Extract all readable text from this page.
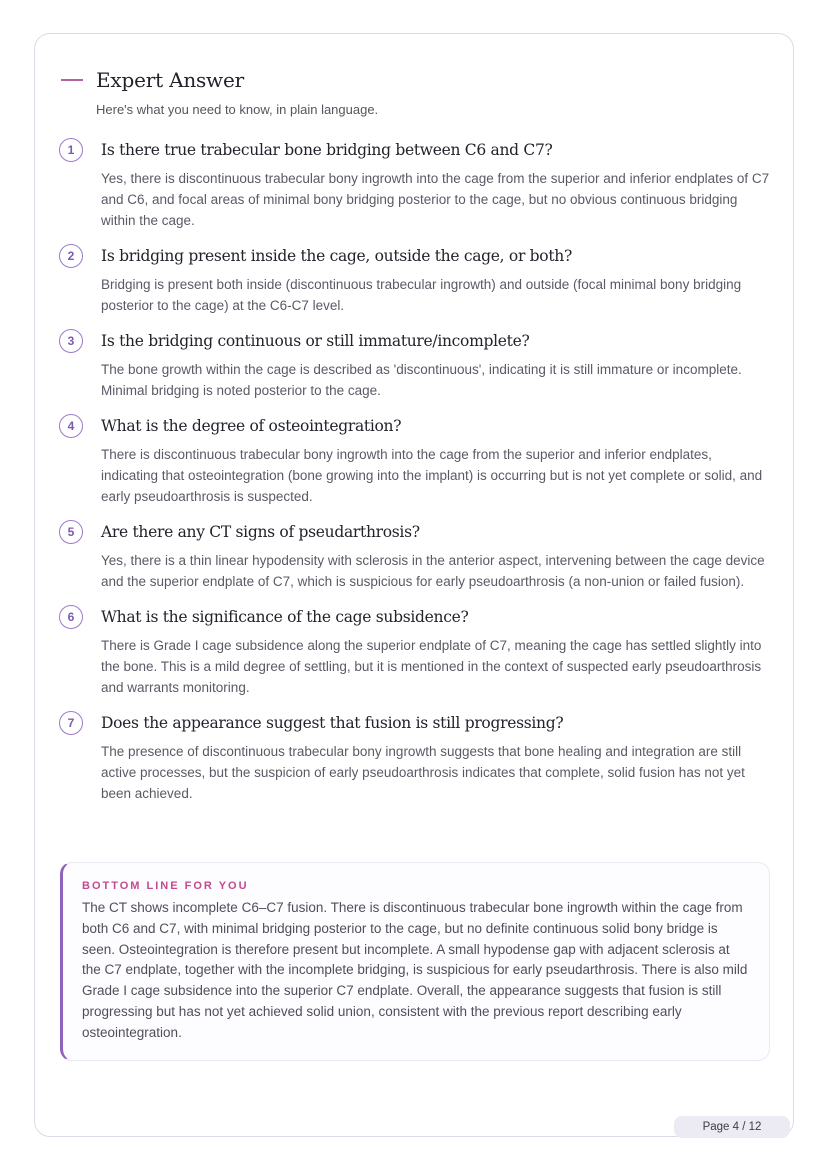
Expert Answer
Here's what you need to know, in plain language.
1	Is there true trabecular bone bridging between C6 and C7?
Yes, there is discontinuous trabecular bony ingrowth into the cage from the superior and inferior endplates of C7 and C6, and focal areas of minimal bony bridging posterior to the cage, but no obvious continuous bridging within the cage.
2	Is bridging present inside the cage, outside the cage, or both?
Bridging is present both inside (discontinuous trabecular ingrowth) and outside (focal minimal bony bridging posterior to the cage) at the C6-C7 level.
3	Is the bridging continuous or still immature/incomplete?
The bone growth within the cage is described as 'discontinuous', indicating it is still immature or incomplete. Minimal bridging is noted posterior to the cage.
4	What is the degree of osteointegration?
There is discontinuous trabecular bony ingrowth into the cage from the superior and inferior endplates, indicating that osteointegration (bone growing into the implant) is occurring but is not yet complete or solid, and early pseudoarthrosis is suspected.
5	Are there any CT signs of pseudarthrosis?
Yes, there is a thin linear hypodensity with sclerosis in the anterior aspect, intervening between the cage device and the superior endplate of C7, which is suspicious for early pseudoarthrosis (a non-union or failed fusion).
6	What is the significance of the cage subsidence?
There is Grade I cage subsidence along the superior endplate of C7, meaning the cage has settled slightly into the bone. This is a mild degree of settling, but it is mentioned in the context of suspected early pseudoarthrosis and warrants monitoring.
7	Does the appearance suggest that fusion is still progressing?
The presence of discontinuous trabecular bony ingrowth suggests that bone healing and integration are still active processes, but the suspicion of early pseudoarthrosis indicates that complete, solid fusion has not yet been achieved.
BOTTOM LINE FOR YOU
The CT shows incomplete C6–C7 fusion. There is discontinuous trabecular bone ingrowth within the cage from both C6 and C7, with minimal bridging posterior to the cage, but no definite continuous solid bony bridge is seen. Osteointegration is therefore present but incomplete. A small hypodense gap with adjacent sclerosis at the C7 endplate, together with the incomplete bridging, is suspicious for early pseudarthrosis. There is also mild Grade I cage subsidence into the superior C7 endplate. Overall, the appearance suggests that fusion is still progressing but has not yet achieved solid union, consistent with the previous report describing early osteointegration.
Page 4 / 12
